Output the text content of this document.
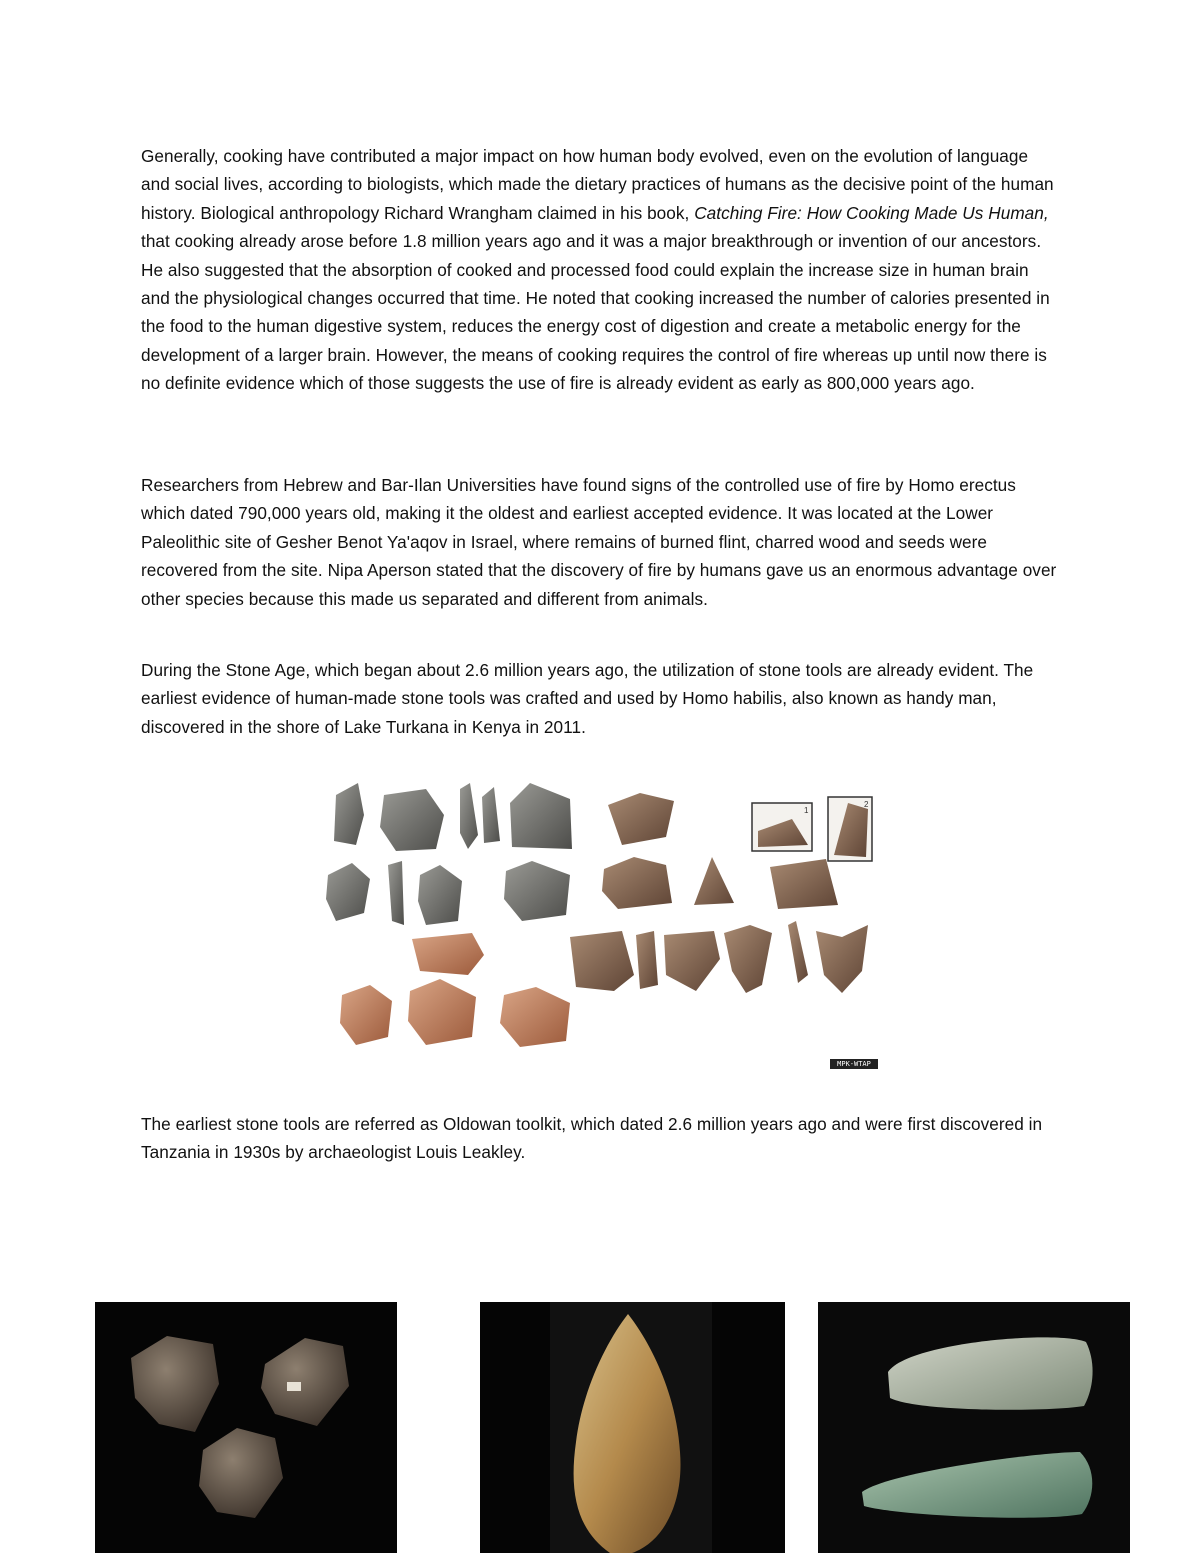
Generally, cooking have contributed a major impact on how human body evolved, even on the evolution of language and social lives, according to biologists, which made the dietary practices of humans as the decisive point of the human history. Biological anthropology Richard Wrangham claimed in his book, Catching Fire: How Cooking Made Us Human, that cooking already arose before 1.8 million years ago and it was a major breakthrough or invention of our ancestors. He also suggested that the absorption of cooked and processed food could explain the increase size in human brain and the physiological changes occurred that time. He noted that cooking increased the number of calories presented in the food to the human digestive system, reduces the energy cost of digestion and create a metabolic energy for the development of a larger brain. However, the means of cooking requires the control of fire whereas up until now there is no definite evidence which of those suggests the use of fire is already evident as early as 800,000 years ago.

Researchers from Hebrew and Bar-Ilan Universities have found signs of the controlled use of fire by Homo erectus which dated 790,000 years old, making it the oldest and earliest accepted evidence. It was located at the Lower Paleolithic site of Gesher Benot Ya'aqov in Israel, where remains of burned flint, charred wood and seeds were recovered from the site. Nipa Aperson stated that the discovery of fire by humans gave us an enormous advantage over other species because this made us separated and different from animals.

During the Stone Age, which began about 2.6 million years ago, the utilization of stone tools are already evident. The earliest evidence of human-made stone tools was crafted and used by Homo habilis, also known as handy man, discovered in the shore of Lake Turkana in Kenya in 2011.

1
2
MPK-WTAP

The earliest stone tools are referred as Oldowan toolkit, which dated 2.6 million years ago and were first discovered in Tanzania in 1930s by archaeologist Louis Leakley.
